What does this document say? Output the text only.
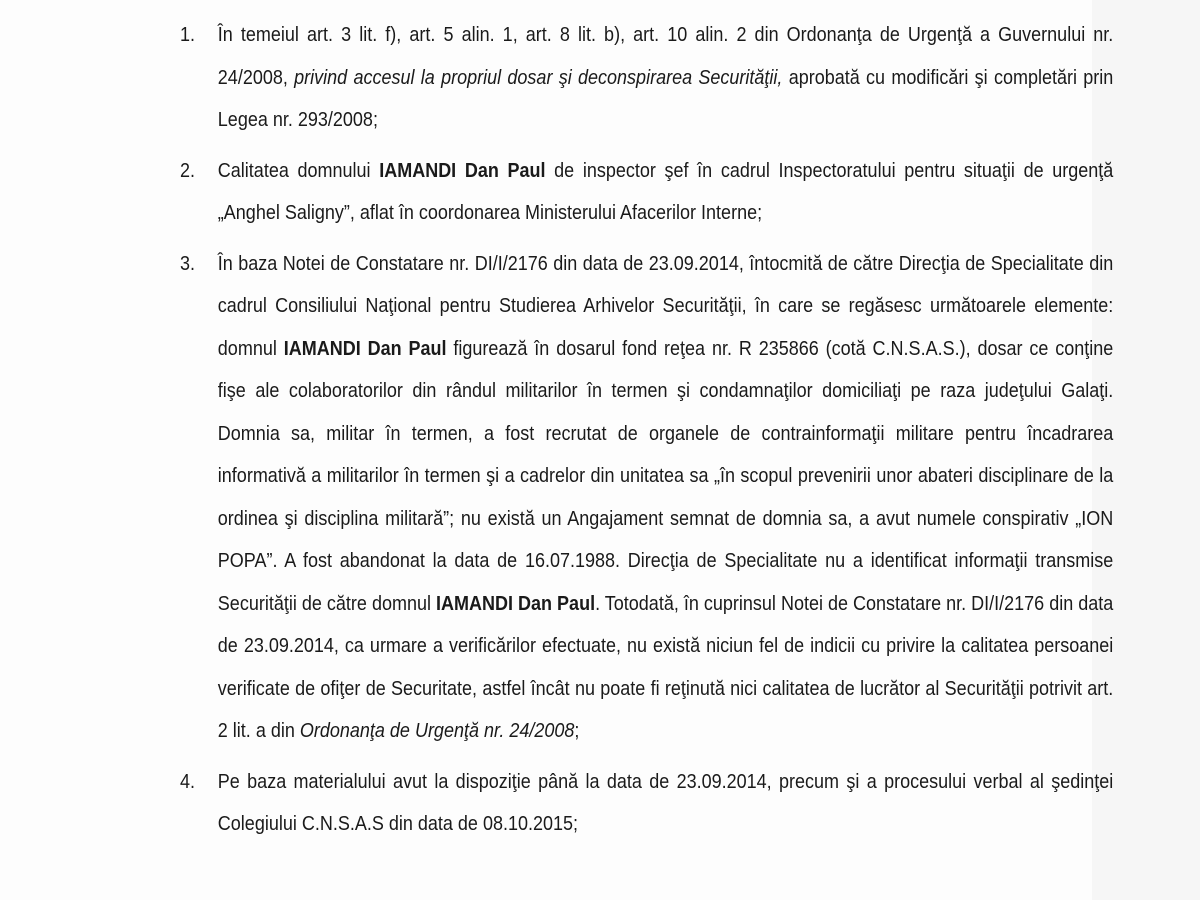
1. În temeiul art. 3 lit. f), art. 5 alin. 1, art. 8 lit. b), art. 10 alin. 2 din Ordonanţa de Urgenţă a Guvernului nr. 24/2008, privind accesul la propriul dosar şi deconspirarea Securităţii, aprobată cu modificări şi completări prin Legea nr. 293/2008;
2. Calitatea domnului IAMANDI Dan Paul de inspector şef în cadrul Inspectoratului pentru situaţii de urgenţă „Anghel Saligny”, aflat în coordonarea Ministerului Afacerilor Interne;
3. În baza Notei de Constatare nr. DI/I/2176 din data de 23.09.2014, întocmită de către Direcţia de Specialitate din cadrul Consiliului Naţional pentru Studierea Arhivelor Securităţii, în care se regăsesc următoarele elemente: domnul IAMANDI Dan Paul figurează în dosarul fond reţea nr. R 235866 (cotă C.N.S.A.S.), dosar ce conţine fişe ale colaboratorilor din rândul militarilor în termen şi condamnaţilor domiciliaţi pe raza judeţului Galaţi. Domnia sa, militar în termen, a fost recrutat de organele de contrainformaţii militare pentru încadrarea informativă a militarilor în termen şi a cadrelor din unitatea sa „în scopul prevenirii unor abateri disciplinare de la ordinea şi disciplina militară”; nu există un Angajament semnat de domnia sa, a avut numele conspirativ „ION POPA”. A fost abandonat la data de 16.07.1988. Direcţia de Specialitate nu a identificat informaţii transmise Securităţii de către domnul IAMANDI Dan Paul. Totodată, în cuprinsul Notei de Constatare nr. DI/I/2176 din data de 23.09.2014, ca urmare a verificărilor efectuate, nu există niciun fel de indicii cu privire la calitatea persoanei verificate de ofiţer de Securitate, astfel încât nu poate fi reţinută nici calitatea de lucrător al Securităţii potrivit art. 2 lit. a din Ordonanţa de Urgenţă nr. 24/2008;
4. Pe baza materialului avut la dispoziţie până la data de 23.09.2014, precum şi a procesului verbal al şedinţei Colegiului C.N.S.A.S din data de 08.10.2015;
